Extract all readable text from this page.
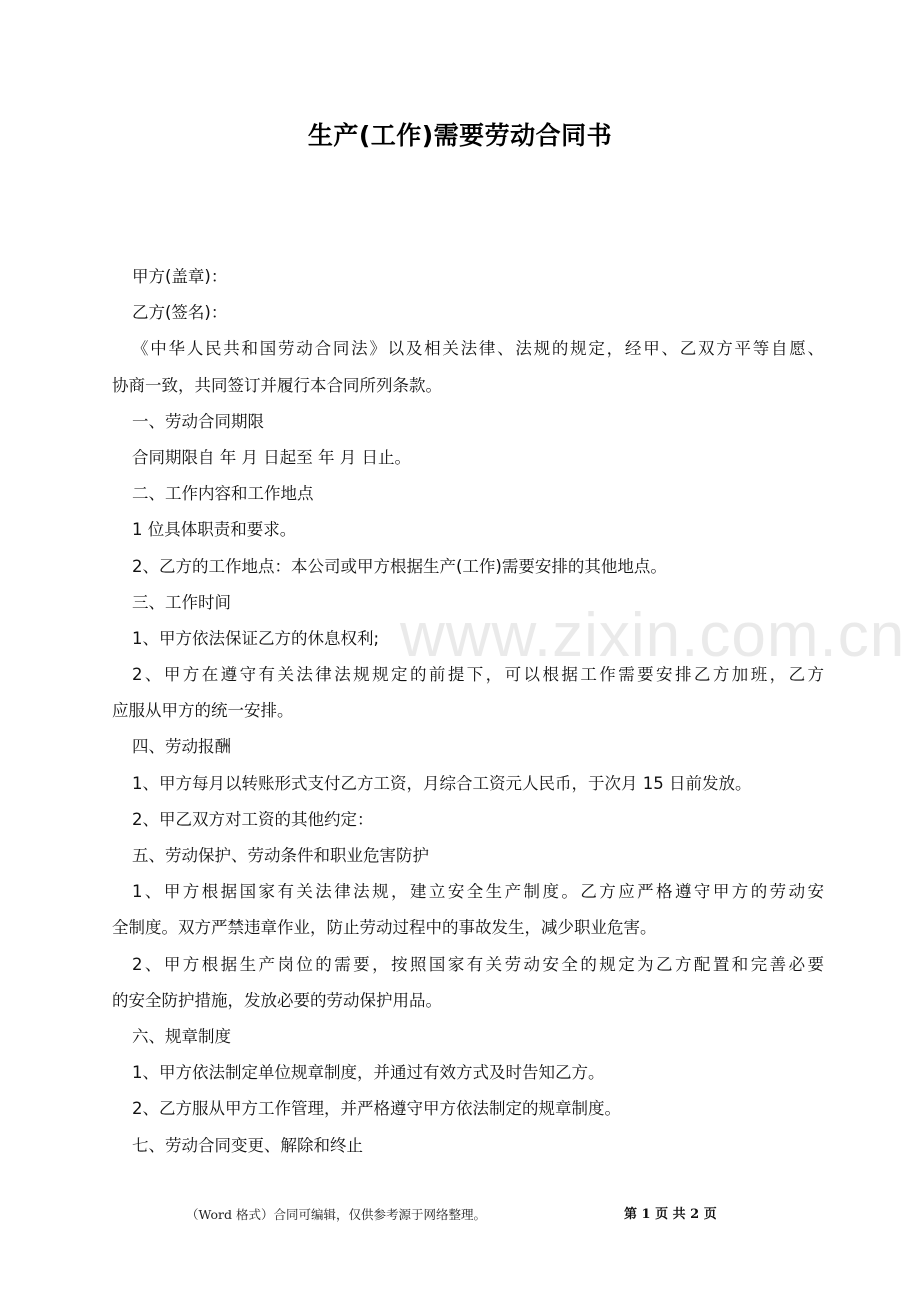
生产(工作)需要劳动合同书
www.zixin.com.cn
甲方(盖章)：
乙方(签名)：
《中华人民共和国劳动合同法》以及相关法律、法规的规定，经甲、乙双方平等自愿、
协商一致，共同签订并履行本合同所列条款。
一、劳动合同期限
合同期限自 年 月 日起至 年 月 日止。
二、工作内容和工作地点
1 位具体职责和要求。
2、乙方的工作地点：本公司或甲方根据生产(工作)需要安排的其他地点。
三、工作时间
1、甲方依法保证乙方的休息权利;
2、甲方在遵守有关法律法规规定的前提下，可以根据工作需要安排乙方加班，乙方
应服从甲方的统一安排。
四、劳动报酬
1、甲方每月以转账形式支付乙方工资，月综合工资元人民币，于次月 15 日前发放。
2、甲乙双方对工资的其他约定：
五、劳动保护、劳动条件和职业危害防护
1、甲方根据国家有关法律法规，建立安全生产制度。乙方应严格遵守甲方的劳动安
全制度。双方严禁违章作业，防止劳动过程中的事故发生，减少职业危害。
2、甲方根据生产岗位的需要，按照国家有关劳动安全的规定为乙方配置和完善必要
的安全防护措施，发放必要的劳动保护用品。
六、规章制度
1、甲方依法制定单位规章制度，并通过有效方式及时告知乙方。
2、乙方服从甲方工作管理，并严格遵守甲方依法制定的规章制度。
七、劳动合同变更、解除和终止
（Word 格式）合同可编辑，仅供参考源于网络整理。	第 1 页 共 2 页
